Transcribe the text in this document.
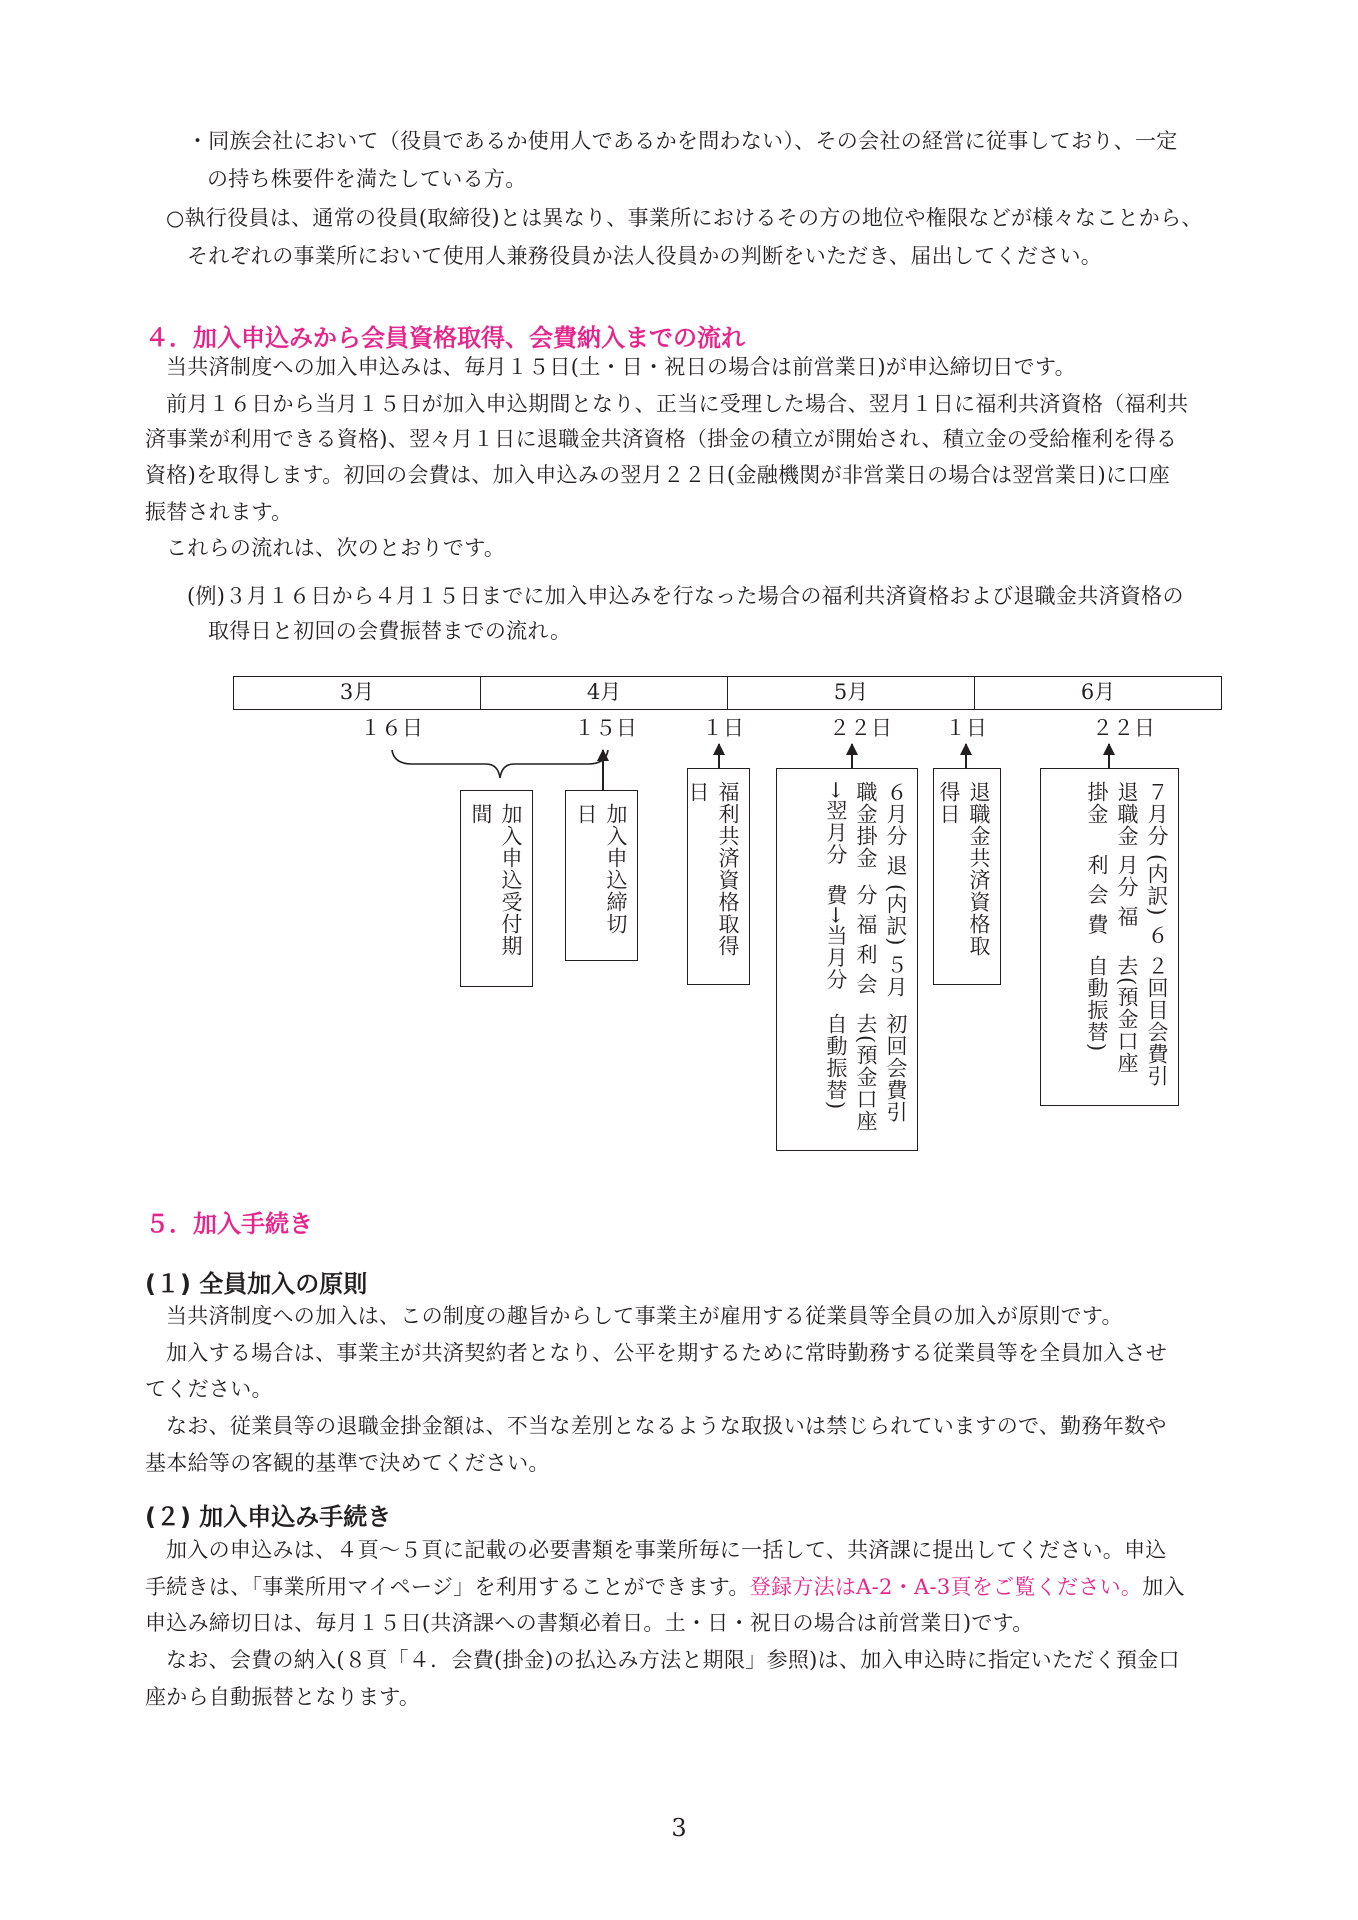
・同族会社において（役員であるか使用人であるかを問わない）、その会社の経営に従事しており、一定
の持ち株要件を満たしている方。
○執行役員は、通常の役員(取締役)とは異なり、事業所におけるその方の地位や権限などが様々なことから、
それぞれの事業所において使用人兼務役員か法人役員かの判断をいただき、届出してください。
４．加入申込みから会員資格取得、会費納入までの流れ
当共済制度への加入申込みは、毎月１５日(土・日・祝日の場合は前営業日)が申込締切日です。
前月１６日から当月１５日が加入申込期間となり、正当に受理した場合、翌月１日に福利共済資格（福利共
済事業が利用できる資格)、翌々月１日に退職金共済資格（掛金の積立が開始され、積立金の受給権利を得る
資格)を取得します。初回の会費は、加入申込みの翌月２２日(金融機関が非営業日の場合は翌営業日)に口座
振替されます。
これらの流れは、次のとおりです。
(例)３月１６日から４月１５日までに加入申込みを行なった場合の福利共済資格および退職金共済資格の
取得日と初回の会費振替までの流れ。
3月	4月	5月	6月
１６日	１５日	１日	２２日	１日	２２日
加入申込受付期間	加入申込締切日	福利共済資格取得日	６月分 退職金掛金→翌月分
(内訳) ５月分 福 利 会 費→当月分
初回会費引去(預金口座自動振替)
退職金共済資格取得日	７月分 退職金掛金
(内訳) ６月分 福 利 会 費
２回目会費引去(預金口座自動振替)
５．加入手続き
(１) 全員加入の原則
当共済制度への加入は、この制度の趣旨からして事業主が雇用する従業員等全員の加入が原則です。
加入する場合は、事業主が共済契約者となり、公平を期するために常時勤務する従業員等を全員加入させ
てください。
なお、従業員等の退職金掛金額は、不当な差別となるような取扱いは禁じられていますので、勤務年数や
基本給等の客観的基準で決めてください。
(２) 加入申込み手続き
加入の申込みは、４頁～５頁に記載の必要書類を事業所毎に一括して、共済課に提出してください。申込
手続きは、「事業所用マイページ」を利用することができます。登録方法はA-2・A-3頁をご覧ください。加入
申込み締切日は、毎月１５日(共済課への書類必着日。土・日・祝日の場合は前営業日)です。
なお、会費の納入(８頁「４．会費(掛金)の払込み方法と期限」参照)は、加入申込時に指定いただく預金口
座から自動振替となります。
3
